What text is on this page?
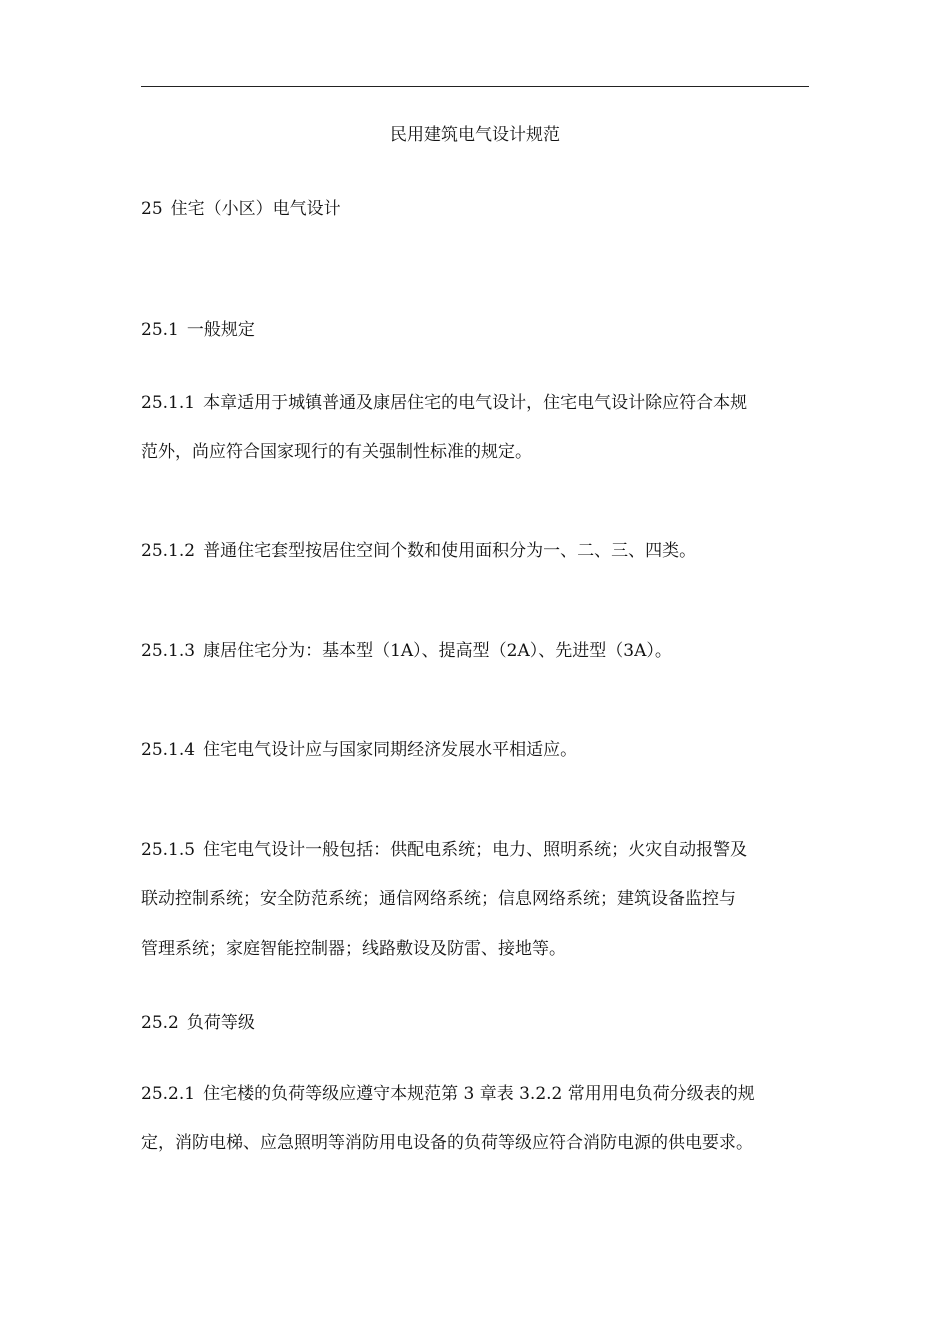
民用建筑电气设计规范
25 住宅（小区）电气设计
25.1 一般规定
25.1.1 本章适用于城镇普通及康居住宅的电气设计，住宅电气设计除应符合本规
范外，尚应符合国家现行的有关强制性标准的规定。
25.1.2 普通住宅套型按居住空间个数和使用面积分为一、二、三、四类。
25.1.3 康居住宅分为：基本型（1A）、提高型（2A）、先进型（3A）。
25.1.4 住宅电气设计应与国家同期经济发展水平相适应。
25.1.5 住宅电气设计一般包括：供配电系统；电力、照明系统；火灾自动报警及
联动控制系统；安全防范系统；通信网络系统；信息网络系统；建筑设备监控与
管理系统；家庭智能控制器；线路敷设及防雷、接地等。
25.2 负荷等级
25.2.1 住宅楼的负荷等级应遵守本规范第 3 章表 3.2.2 常用用电负荷分级表的规
定，消防电梯、应急照明等消防用电设备的负荷等级应符合消防电源的供电要求。
